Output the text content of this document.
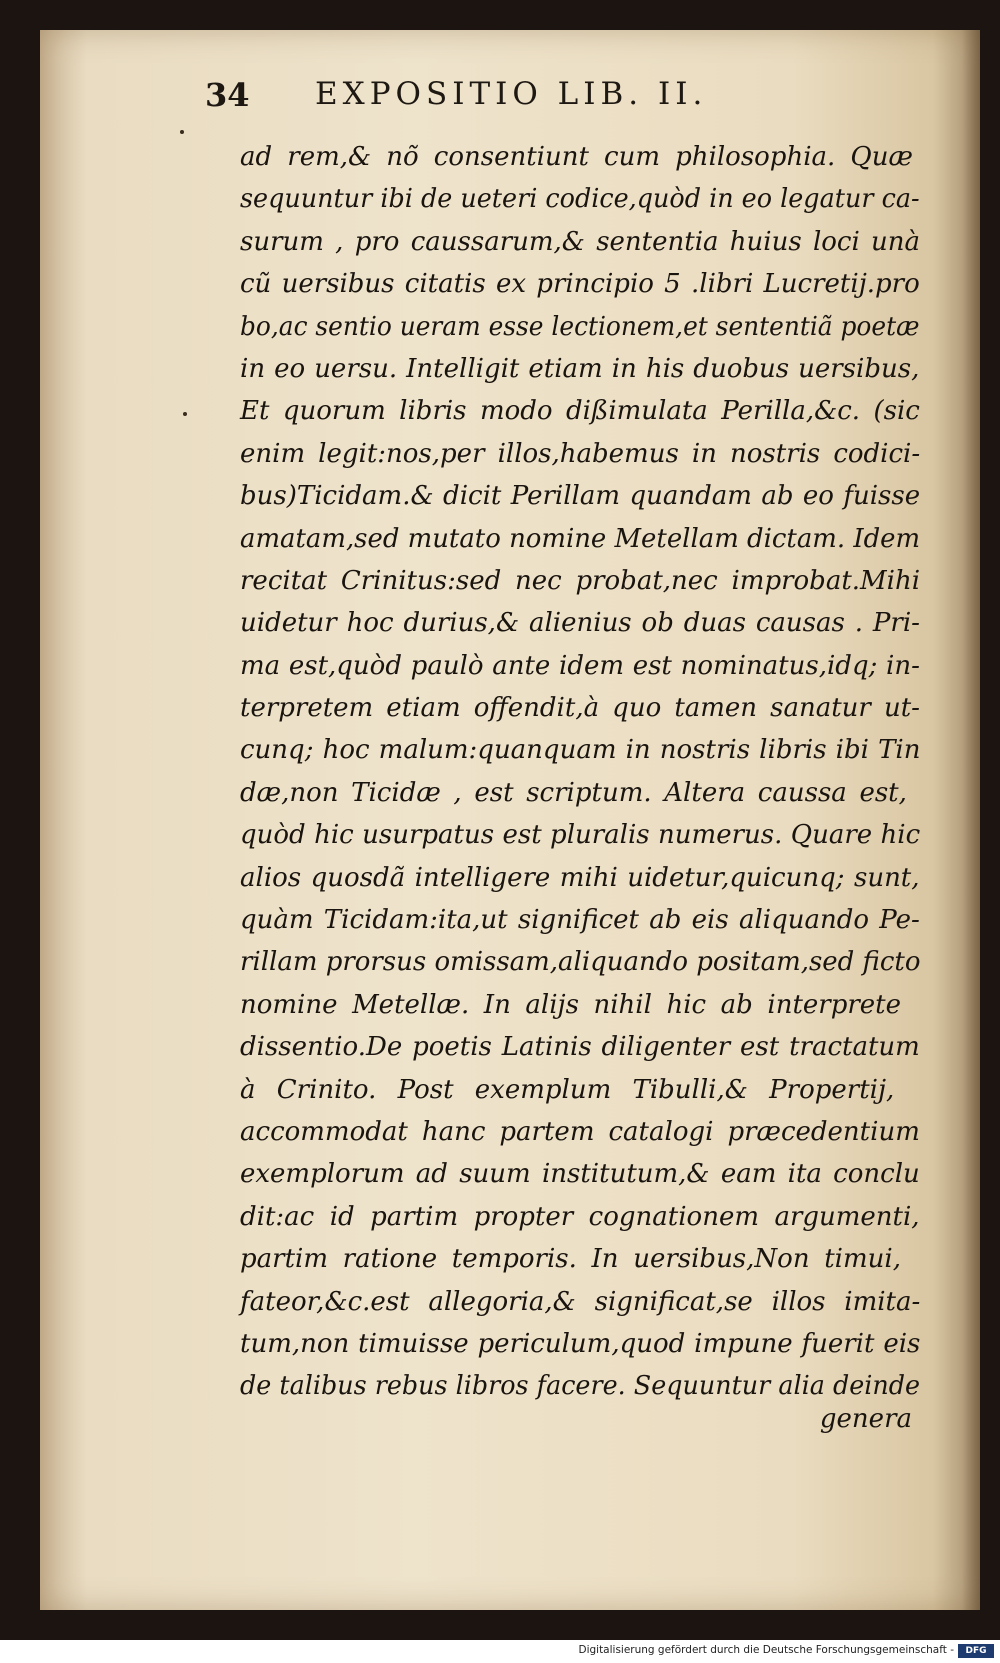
34 EXPOSITIO LIB. II.
ad rem,& nõ consentiunt cum philosophia. Quæ
sequuntur ibi de ueteri codice,quòd in eo legatur ca-
surum , pro caussarum,& sententia huius loci unà
cũ uersibus citatis ex principio 5 .libri Lucretij.pro
bo,ac sentio ueram esse lectionem,et sententiã poetæ
in eo uersu. Intelligit etiam in his duobus uersibus,
Et quorum libris modo dißimulata Perilla,&c. (sic
enim legit:nos,per illos,habemus in nostris codici-
bus)Ticidam.& dicit Perillam quandam ab eo fuisse
amatam,sed mutato nomine Metellam dictam. Idem
recitat Crinitus:sed nec probat,nec improbat.Mihi
uidetur hoc durius,& alienius ob duas causas . Pri-
ma est,quòd paulò ante idem est nominatus,idq; in-
terpretem etiam offendit,à quo tamen sanatur ut-
cunq; hoc malum:quanquam in nostris libris ibi Tin
dæ,non Ticidæ , est scriptum. Altera caussa est,
quòd hic usurpatus est pluralis numerus. Quare hic
alios quosdã intelligere mihi uidetur,quicunq; sunt,
quàm Ticidam:ita,ut significet ab eis aliquando Pe-
rillam prorsus omissam,aliquando positam,sed ficto
nomine Metellæ. In alijs nihil hic ab interprete
dissentio.De poetis Latinis diligenter est tractatum
à Crinito. Post exemplum Tibulli,& Propertij,
accommodat hanc partem catalogi præcedentium
exemplorum ad suum institutum,& eam ita conclu
dit:ac id partim propter cognationem argumenti,
partim ratione temporis. In uersibus,Non timui,
fateor,&c.est allegoria,& significat,se illos imita-
tum,non timuisse periculum,quod impune fuerit eis
de talibus rebus libros facere. Sequuntur alia deinde
genera
Digitalisierung gefördert durch die Deutsche Forschungsgemeinschaft -	DFG
